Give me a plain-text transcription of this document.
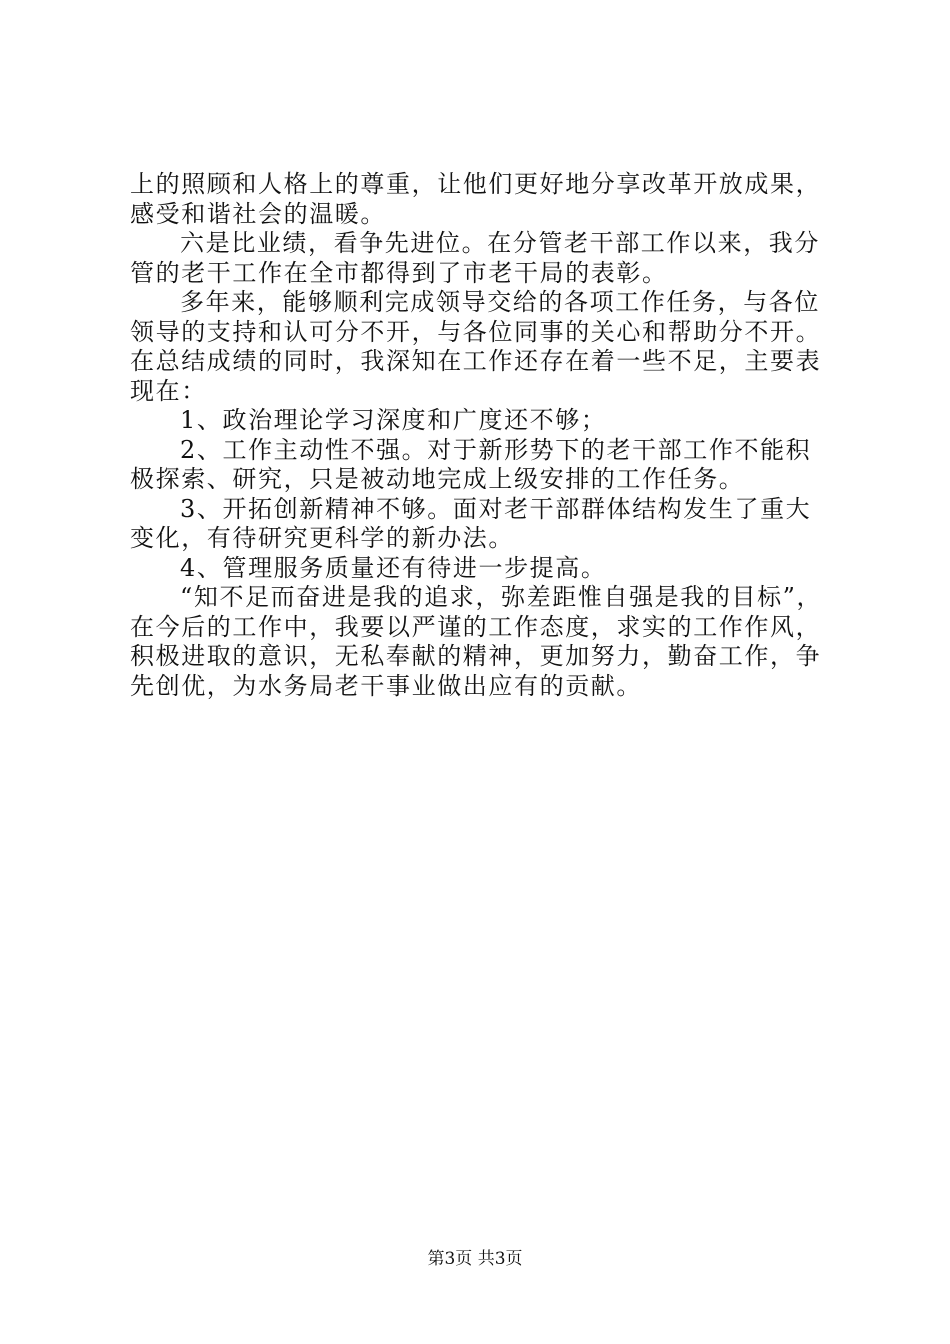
上的照顾和人格上的尊重，让他们更好地分享改革开放成果，感受和谐社会的温暖。

六是比业绩，看争先进位。在分管老干部工作以来，我分管的老干工作在全市都得到了市老干局的表彰。

多年来，能够顺利完成领导交给的各项工作任务，与各位领导的支持和认可分不开，与各位同事的关心和帮助分不开。在总结成绩的同时，我深知在工作还存在着一些不足，主要表现在：

1、政治理论学习深度和广度还不够；

2、工作主动性不强。对于新形势下的老干部工作不能积极探索、研究，只是被动地完成上级安排的工作任务。

3、开拓创新精神不够。面对老干部群体结构发生了重大变化，有待研究更科学的新办法。

4、管理服务质量还有待进一步提高。

“知不足而奋进是我的追求，弥差距惟自强是我的目标”，在今后的工作中，我要以严谨的工作态度，求实的工作作风，积极进取的意识，无私奉献的精神，更加努力，勤奋工作，争先创优，为水务局老干事业做出应有的贡献。

第3页 共3页
